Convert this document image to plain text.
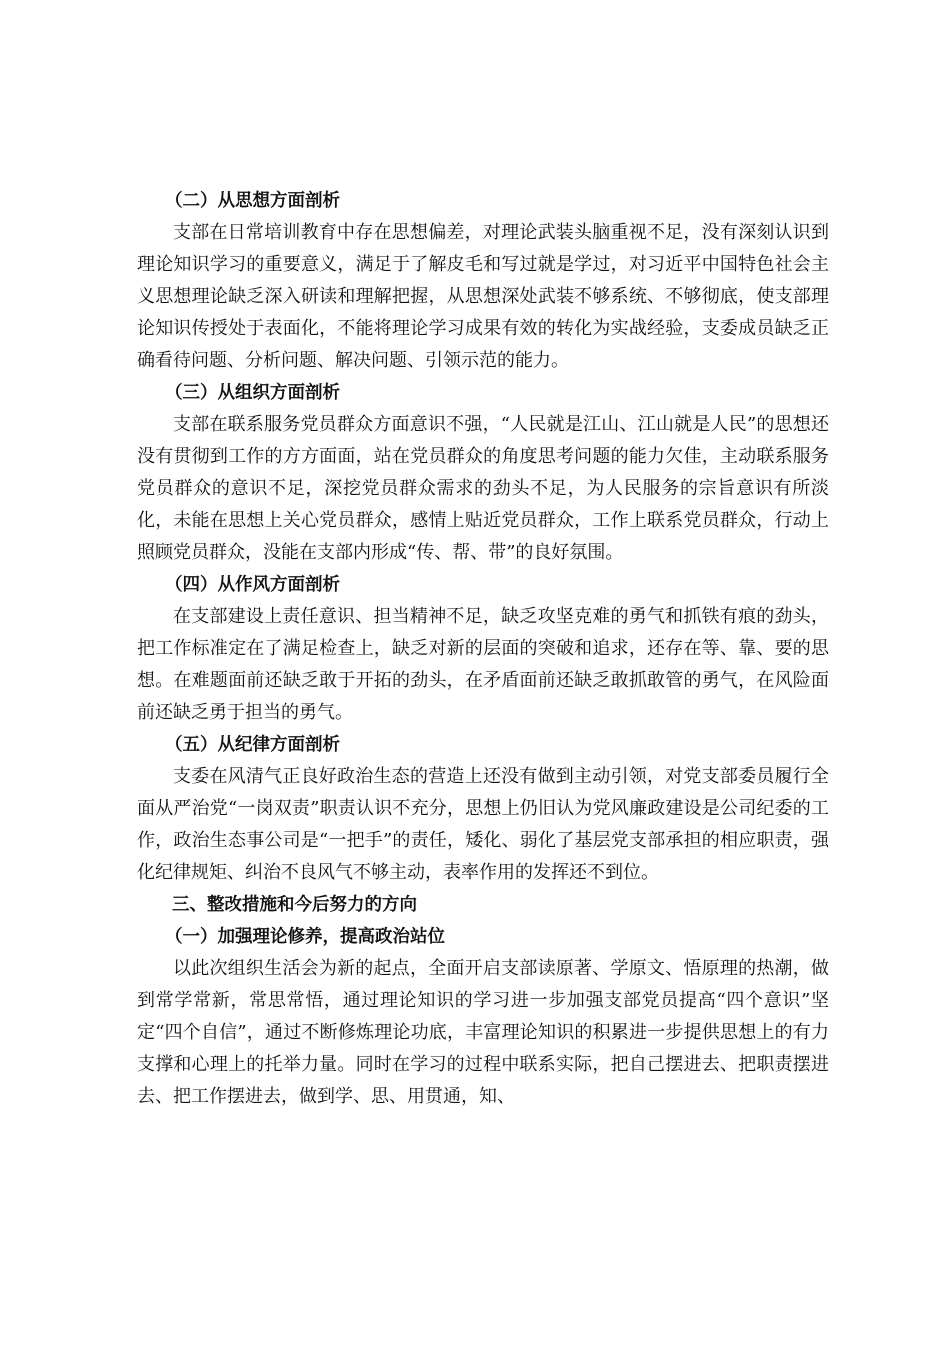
（二）从思想方面剖析

支部在日常培训教育中存在思想偏差，对理论武装头脑重视不足，没有深刻认识到理论知识学习的重要意义，满足于了解皮毛和写过就是学过，对习近平中国特色社会主义思想理论缺乏深入研读和理解把握，从思想深处武装不够系统、不够彻底，使支部理论知识传授处于表面化，不能将理论学习成果有效的转化为实战经验，支委成员缺乏正确看待问题、分析问题、解决问题、引领示范的能力。

（三）从组织方面剖析

支部在联系服务党员群众方面意识不强，“人民就是江山、江山就是人民”的思想还没有贯彻到工作的方方面面，站在党员群众的角度思考问题的能力欠佳，主动联系服务党员群众的意识不足，深挖党员群众需求的劲头不足，为人民服务的宗旨意识有所淡化，未能在思想上关心党员群众，感情上贴近党员群众，工作上联系党员群众，行动上照顾党员群众，没能在支部内形成“传、帮、带”的良好氛围。

（四）从作风方面剖析

在支部建设上责任意识、担当精神不足，缺乏攻坚克难的勇气和抓铁有痕的劲头，把工作标准定在了满足检查上，缺乏对新的层面的突破和追求，还存在等、靠、要的思想。在难题面前还缺乏敢于开拓的劲头，在矛盾面前还缺乏敢抓敢管的勇气，在风险面前还缺乏勇于担当的勇气。

（五）从纪律方面剖析

支委在风清气正良好政治生态的营造上还没有做到主动引领，对党支部委员履行全面从严治党“一岗双责”职责认识不充分，思想上仍旧认为党风廉政建设是公司纪委的工作，政治生态事公司是“一把手”的责任，矮化、弱化了基层党支部承担的相应职责，强化纪律规矩、纠治不良风气不够主动，表率作用的发挥还不到位。

三、整改措施和今后努力的方向

（一）加强理论修养，提高政治站位

以此次组织生活会为新的起点，全面开启支部读原著、学原文、悟原理的热潮，做到常学常新，常思常悟，通过理论知识的学习进一步加强支部党员提高“四个意识”坚定“四个自信”，通过不断修炼理论功底，丰富理论知识的积累进一步提供思想上的有力支撑和心理上的托举力量。同时在学习的过程中联系实际，把自己摆进去、把职责摆进去、把工作摆进去，做到学、思、用贯通，知、
